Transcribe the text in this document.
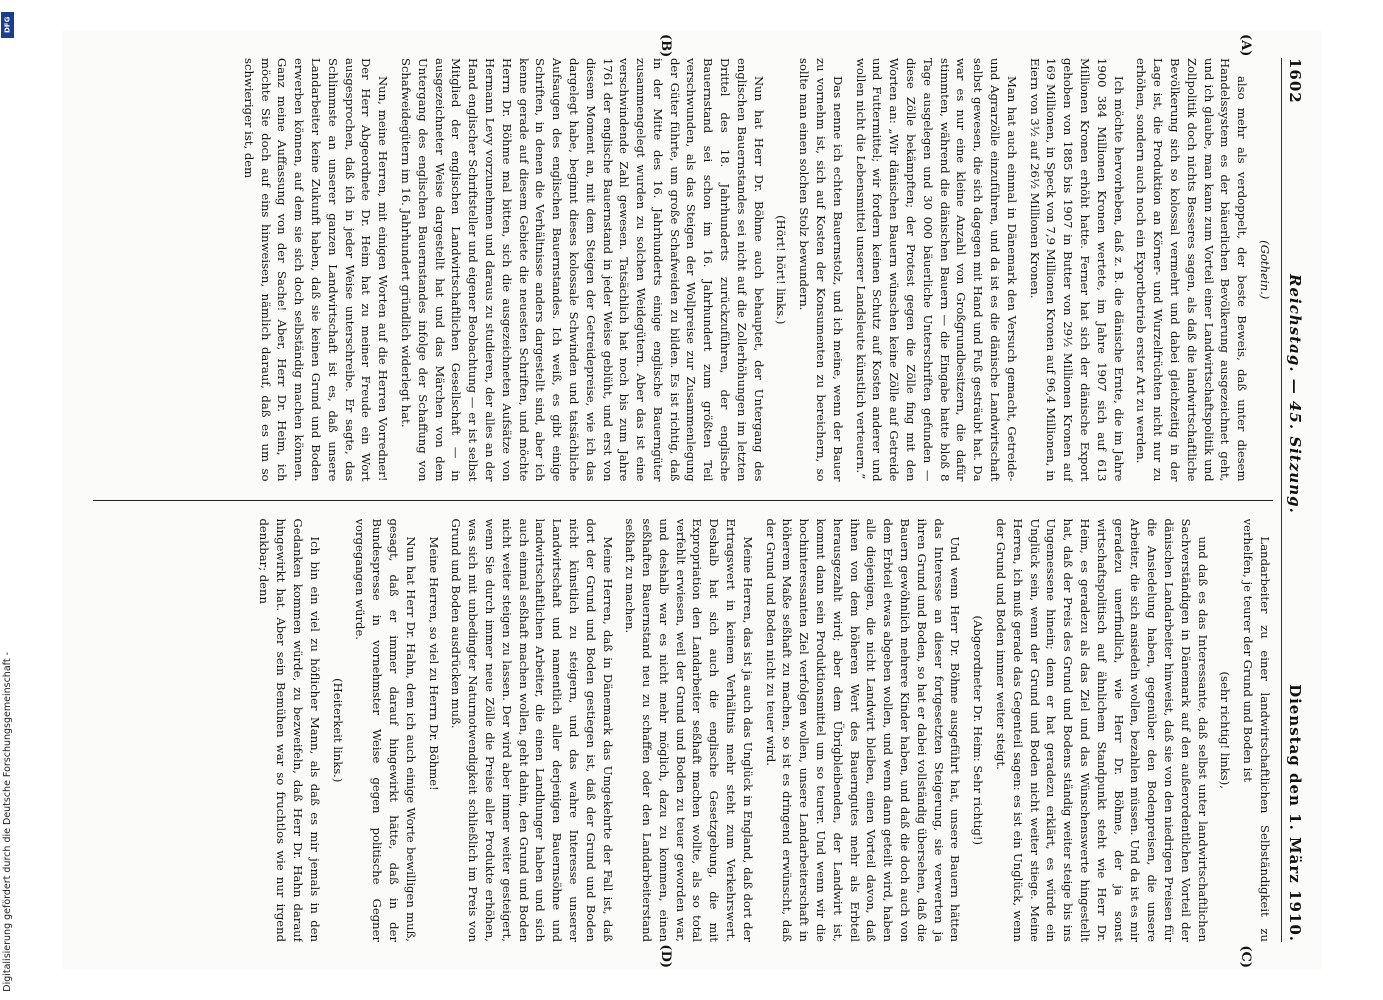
1602
Reichstag. — 45. Sitzung.
Dienstag den 1. März 1910.

(Gothein.)

also mehr als verdoppelt, der beste Beweis, daß unter diesem Handelssystem es der bäuerlichen Bevölkerung ausgezeichnet geht, und ich glaube, man kann zum Vorteil einer Landwirtschaftspolitik und Zollpolitik doch nichts Besseres sagen, als daß die landwirtschaftliche Bevölkerung sich so kolossal vermehrt und dabei gleichzeitig in der Lage ist, die Produktion an Körner- und Wurzelfrüchten nicht nur zu erhöhen, sondern auch noch ein Exportbetrieb erster Art zu werden.

Ich möchte hervorheben, daß z. B. die dänische Ernte, die im Jahre 1900 384 Millionen Kronen wertete, im Jahre 1907 sich auf 613 Millionen Kronen erhöht hatte. Ferner hat sich der dänische Export gehoben von 1885 bis 1907 in Butter von 29½ Millionen Kronen auf 169 Millionen, in Speck von 7,9 Millionen Kronen auf 96,4 Millionen, in Eiern von 3½ auf 26½ Millionen Kronen.

Man hat auch einmal in Dänemark den Versuch gemacht, Getreide- und Agrarzölle einzuführen, und da ist es die dänische Landwirtschaft selbst gewesen, die sich dagegen mit Hand und Fuß gesträubt hat. Da war es nur eine kleine Anzahl von Großgrundbesitzern, die dafür stimmten, während die dänischen Bauern — die Eingabe hatte bloß 8 Tage ausgelegen und 30 000 bäuerliche Unterschriften gefunden — diese Zölle bekämpften; der Protest gegen die Zölle fing mit den Worten an: „Wir dänischen Bauern wünschen keine Zölle auf Getreide und Futtermittel; wir fordern keinen Schutz auf Kosten anderer und wollen nicht die Lebensmittel unserer Landsleute künstlich verteuern.“

Das nenne ich echten Bauernstolz, und ich meine, wenn der Bauer zu vornehm ist, sich auf Kosten der Konsumenten zu bereichern, so sollte man einen solchen Stolz bewundern.

(Hört! hört! links.)

Nun hat Herr Dr. Böhme auch behauptet, der Untergang des englischen Bauernstandes sei nicht auf die Zollerhöhungen im letzten Drittel des 18. Jahrhunderts zurückzuführen, der englische Bauernstand sei schon im 16. Jahrhundert zum größten Teil verschwunden, als das Steigen der Wollpreise zur Zusammenlegung der Güter führte, um große Schafweiden zu bilden. Es ist richtig, daß in der Mitte des 16. Jahrhunderts einige englische Bauerngüter zusammengelegt wurden zu solchen Weidegütern. Aber das ist eine verschwindende Zahl gewesen. Tatsächlich hat noch bis zum Jahre 1761 der englische Bauernstand in jeder Weise geblüht, und erst von diesem Moment an, mit dem Steigen der Getreidepreise, wie ich das dargelegt habe, beginnt dieses kolossale Schwinden und tatsächliche Aufsaugen des englischen Bauernstandes. Ich weiß, es gibt einige Schriften, in denen die Verhältnisse anders dargestellt sind, aber ich kenne gerade auf diesem Gebiete die neuesten Schriften, und möchte Herrn Dr. Böhme mal bitten, sich die ausgezeichneten Aufsätze von Hermann Levy vorzunehmen und daraus zu studieren, der alles an der Hand englischer Schriftsteller und eigener Beobachtung — er ist selbst Mitglied der englischen Landwirtschaftlichen Gesellschaft — in ausgezeichneter Weise dargestellt hat und das Märchen von dem Untergang des englischen Bauernstandes infolge der Schaffung von Schafweidegütern im 16. Jahrhundert gründlich widerlegt hat.

Nun, meine Herren, mit einigen Worten auf die Herren Vorredner! Der Herr Abgeordnete Dr. Heim hat zu meiner Freude ein Wort ausgesprochen, daß ich in jeder Weise unterschreibe. Er sagte, das Schlimmste an unserer ganzen Landwirtschaft ist es, daß unsere Landarbeiter keine Zukunft haben, daß sie keinen Grund und Boden erwerben können, auf dem sie sich doch selbständig machen können. Ganz meine Auffassung von der Sache! Aber, Herr Dr. Heim, ich möchte Sie doch auf eins hinweisen, nämlich darauf, daß es um so schwieriger ist, dem

Landarbeiter zu einer landwirtschaftlichen Selbständigkeit zu verhelfen, je teurer der Grund und Boden ist

(sehr richtig! links),

und daß es das Interessante, daß selbst unter landwirtschaftlichen Sachverständigen in Dänemark auf den außerordentlichen Vorteil der dänischen Landarbeiter hinweist, daß sie von den niedrigen Preisen für die Ansiedelung haben, gegenüber den Bodenpreisen, die unsere Arbeiter, die sich ansiedeln wollen, bezahlen müssen. Und da ist es mir geradezu unerfindlich, wie Herr Dr. Böhme, der ja sonst wirtschaftspolitisch auf ähnlichem Standpunkt steht wie Herr Dr. Heim, es geradezu als das Ziel und das Wünschenswerte hingestellt hat, daß der Preis des Grund und Bodens ständig weiter steige bis ins Ungemessene hinein; denn er hat geradezu erklärt, es würde ein Unglück sein, wenn der Grund und Boden nicht weiter stiege. Meine Herren, ich muß gerade das Gegenteil sagen: es ist ein Unglück, wenn der Grund und Boden immer weiter steigt.

(Abgeordneter Dr. Heim: Sehr richtig!)

Und wenn Herr Dr. Böhme ausgeführt hat, unsere Bauern hätten das Interesse an dieser fortgesetzten Steigerung, sie verwerten ja ihren Grund und Boden, so hat er dabei vollständig übersehen, daß die Bauern gewöhnlich mehrere Kinder haben, und daß die doch auch von dem Erbteil etwas abgeben wollen, und wenn dann geteilt wird, haben alle diejenigen, die nicht Landwirt bleiben, einen Vorteil davon, daß ihnen von dem höheren Wert des Bauerngutes mehr als Erbteil herausgezahlt wird; aber dem Übrigbleibenden, der Landwirt ist, kommt dann sein Produktionsmittel um so teurer. Und wenn wir die hochinteressanten Ziel verfolgen wollen, unsere Landarbeiterschaft in höherem Maße seßhaft zu machen, so ist es dringend erwünscht, daß der Grund und Boden nicht zu teuer wird.

Meine Herren, das ist ja auch das Unglück in England, daß dort der Ertragswert in keinem Verhältnis mehr steht zum Verkehrswert. Deshalb hat sich auch die englische Gesetzgebung, die mit Expropriation den Landarbeiter seßhaft machen wollte, als so total verfehlt erwiesen, weil der Grund und Boden zu teuer geworden war, und deshalb war es nicht mehr möglich, dazu zu kommen, einen seßhaften Bauernstand neu zu schaffen oder den Landarbeiterstand seßhaft zu machen.

Meine Herren, daß in Dänemark das Umgekehrte der Fall ist, daß dort der Grund und Boden gestiegen ist, daß der Grund und Boden nicht künstlich zu steigern, und das wahre Interesse unserer Landwirtschaft und namentlich aller derjenigen Bauernsöhne und landwirtschaftlichen Arbeiter, die einen Landhunger haben und sich auch einmal seßhaft machen wollen, geht dahin, den Grund und Boden nicht weiter steigen zu lassen. Der wird aber immer weiter gesteigert, wenn Sie durch immer neue Zölle die Preise aller Produkte erhöhen, was sich mit unbedingter Naturnotwendigkeit schließlich im Preis von Grund und Boden ausdrücken muß.

Meine Herren, so viel zu Herrn Dr. Böhme!

Nun hat Herr Dr. Hahn, dem ich auch einige Worte bewilligen muß, gesagt, daß er immer darauf hingewirkt hätte, daß in der Bundespresse in vornehmster Weise gegen politische Gegner vorgegangen würde.

(Heiterkeit links.)

Ich bin ein viel zu höflicher Mann, als daß es mir jemals in den Gedanken kommen würde, zu bezweifeln, daß Herr Dr. Hahn darauf hingewirkt hat. Aber sein Bemühen war so fruchtlos wie nur irgend denkbar; denn

(A)
(B)
(C)
(D)
Digitalisierung gefördert durch die Deutsche Forschungsgemeinschaft -
DFG
